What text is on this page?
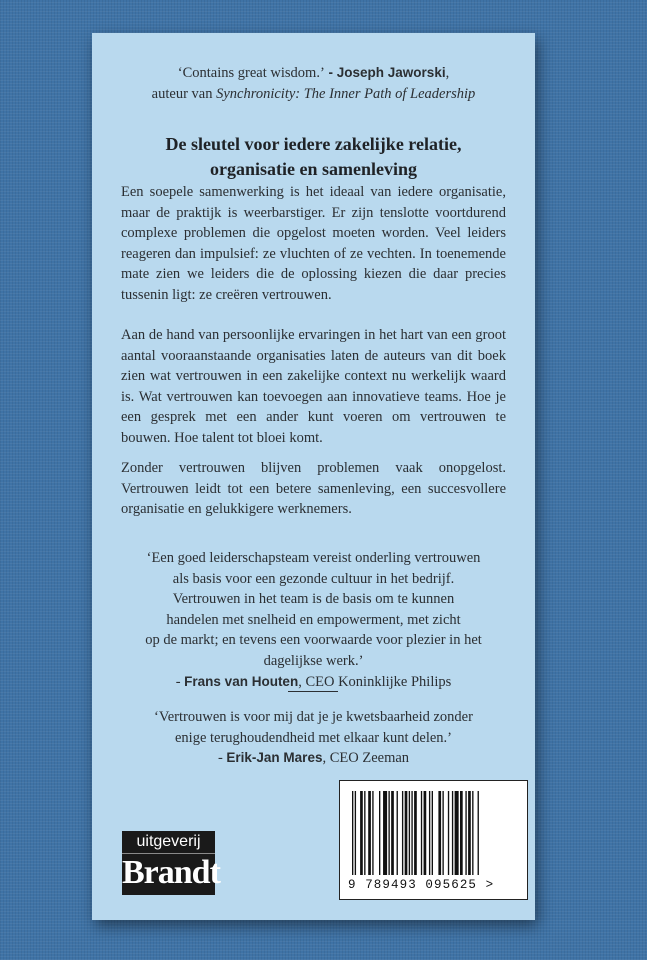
‘Contains great wisdom.’ - Joseph Jaworski,
auteur van Synchronicity: The Inner Path of Leadership

De sleutel voor iedere zakelijke relatie,
organisatie en samenleving

Een soepele samenwerking is het ideaal van iedere organisatie, maar de praktijk is weerbarstiger. Er zijn tenslotte voortdurend complexe problemen die opgelost moeten worden. Veel leiders reageren dan impulsief: ze vluchten of ze vechten. In toenemende mate zien we leiders die de oplossing kiezen die daar precies tussenin ligt: ze creëren vertrouwen.

Aan de hand van persoonlijke ervaringen in het hart van een groot aantal vooraanstaande organisaties laten de auteurs van dit boek zien wat vertrouwen in een zakelijke context nu werkelijk waard is. Wat vertrouwen kan toevoegen aan innovatieve teams. Hoe je een gesprek met een ander kunt voeren om vertrouwen te bouwen. Hoe talent tot bloei komt.

Zonder vertrouwen blijven problemen vaak onopgelost. Vertrouwen leidt tot een betere samenleving, een succesvollere organisatie en gelukkigere werknemers.

‘Een goed leiderschapsteam vereist onderling vertrouwen
als basis voor een gezonde cultuur in het bedrijf.
Vertrouwen in het team is de basis om te kunnen
handelen met snelheid en empowerment, met zicht
op de markt; en tevens een voorwaarde voor plezier in het
dagelijkse werk.’
- Frans van Houten, CEO Koninklijke Philips

‘Vertrouwen is voor mij dat je je kwetsbaarheid zonder
enige terughoudendheid met elkaar kunt delen.’
- Erik-Jan Mares, CEO Zeeman

uitgeverij
Brandt	9 789493 095625 >
